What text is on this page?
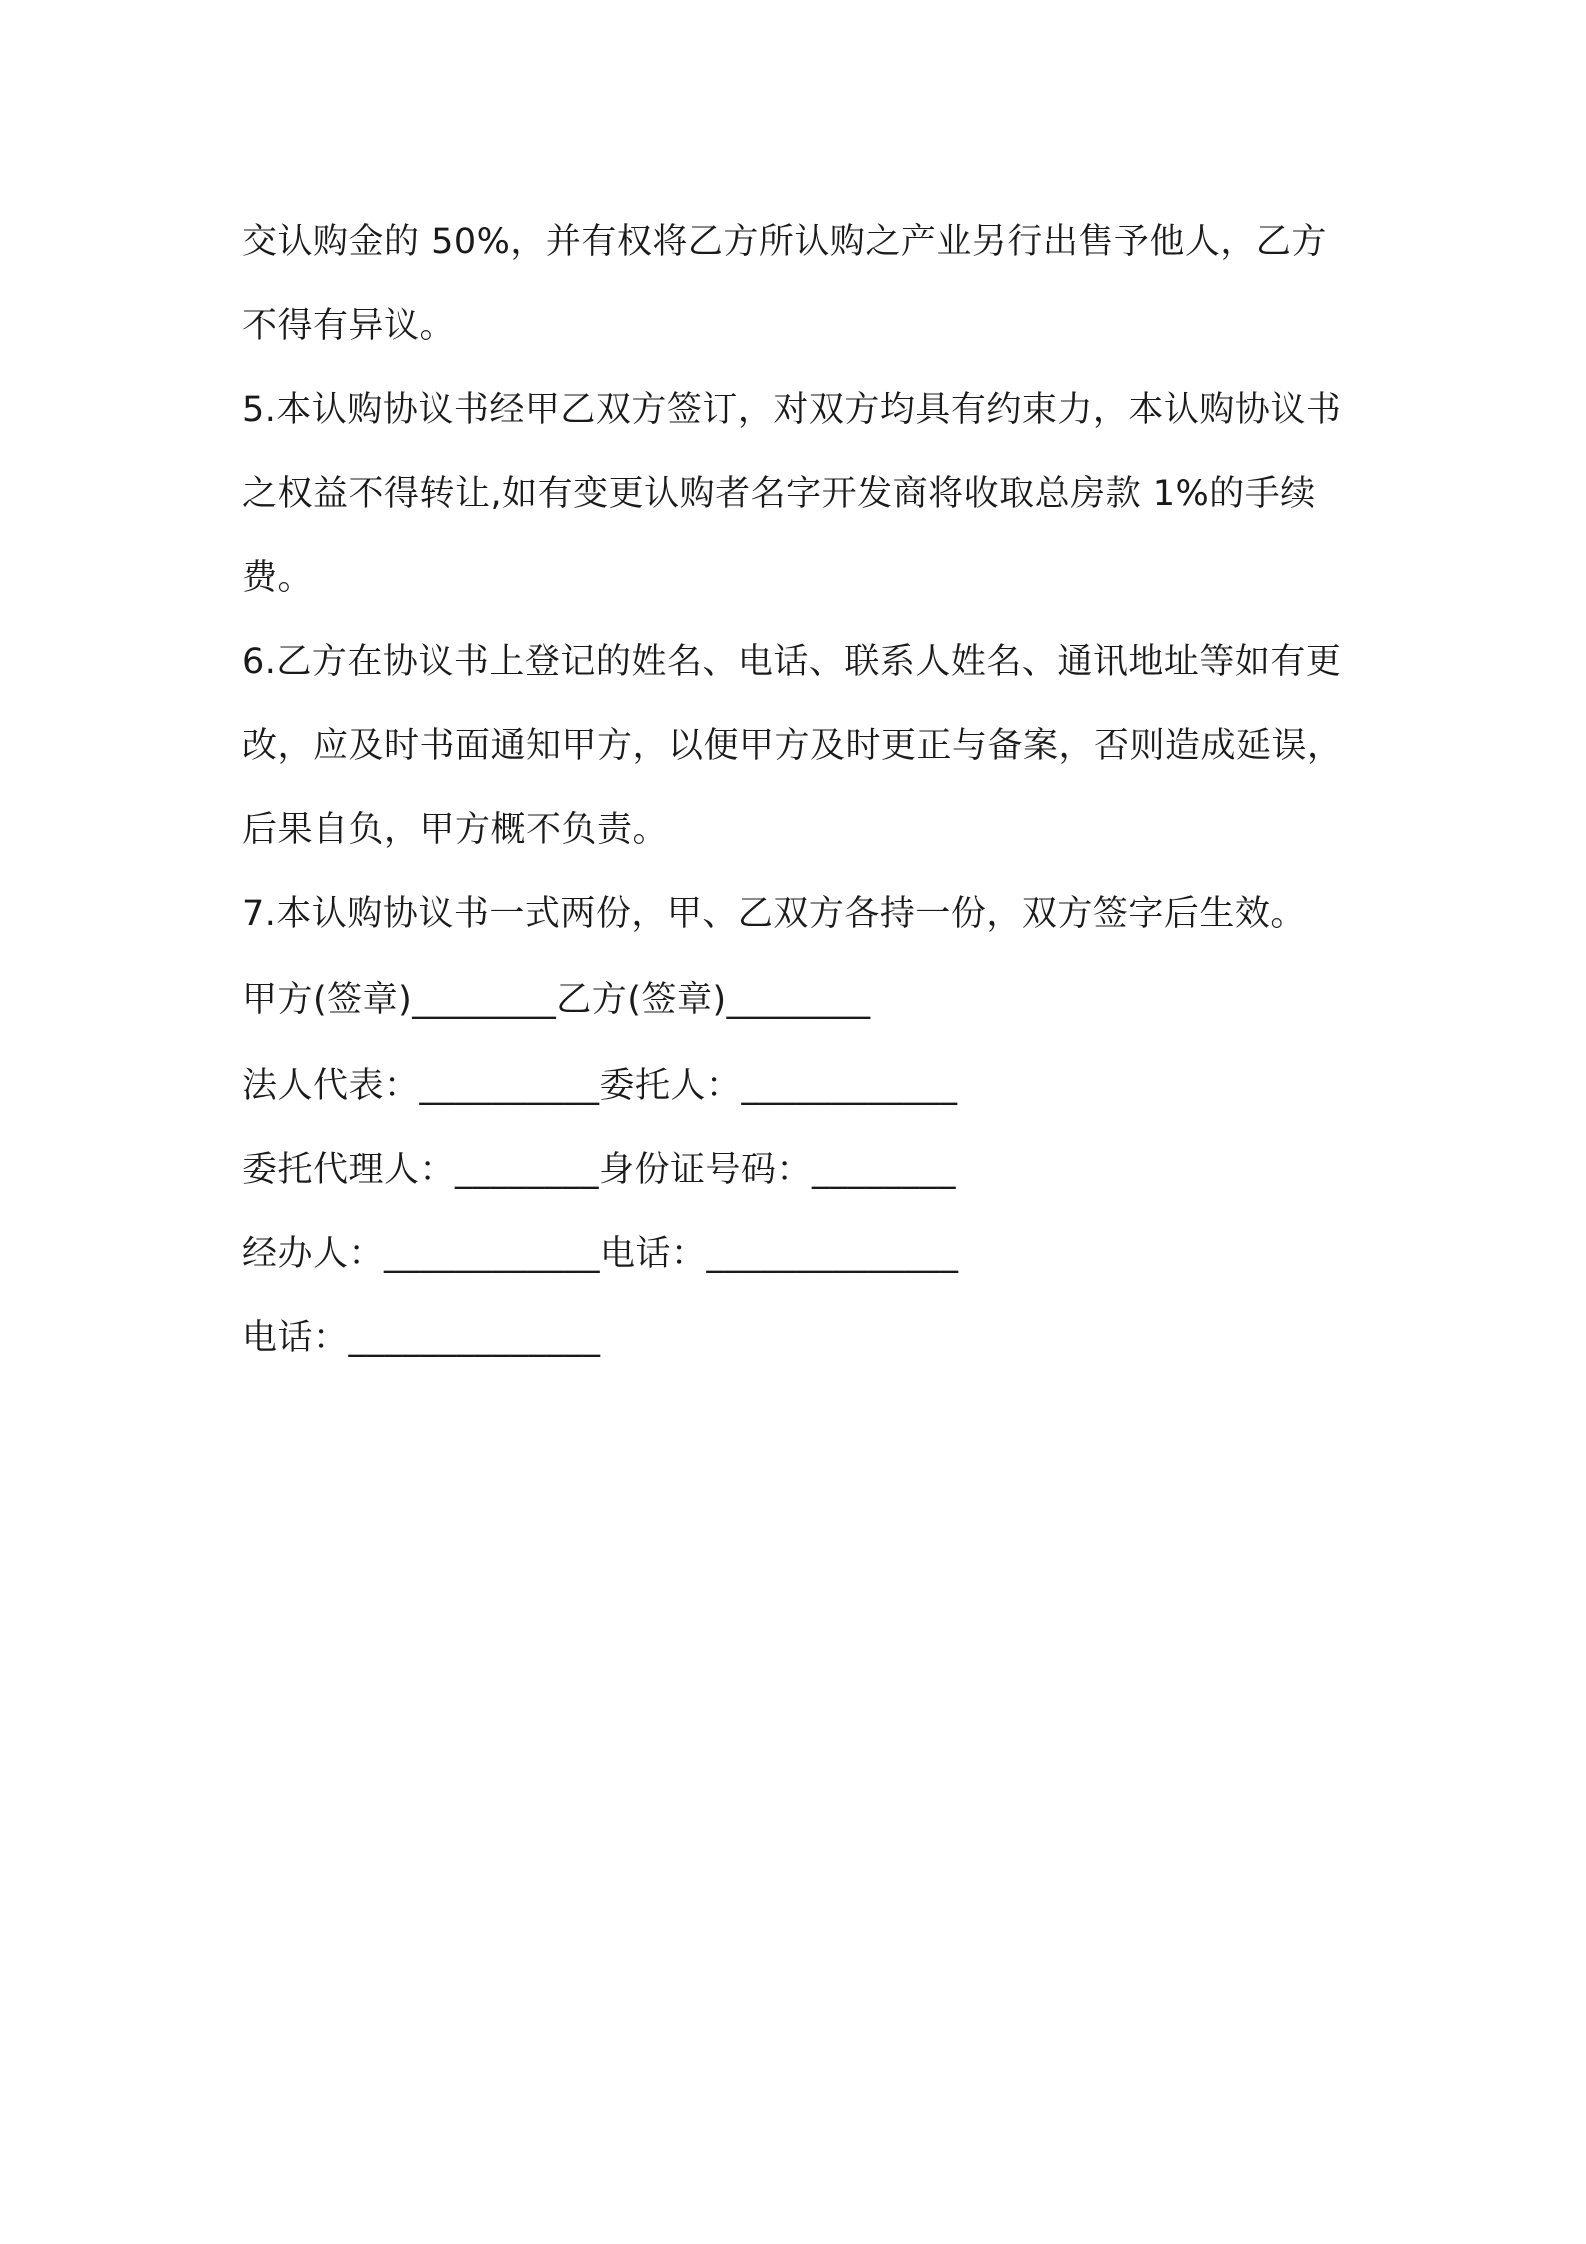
交认购金的 50%，并有权将乙方所认购之产业另行出售予他人，乙方不得有异议。

5.本认购协议书经甲乙双方签订，对双方均具有约束力，本认购协议书之权益不得转让,如有变更认购者名字开发商将收取总房款 1%的手续费。

6.乙方在协议书上登记的姓名、电话、联系人姓名、通讯地址等如有更改，应及时书面通知甲方，以便甲方及时更正与备案，否则造成延误，后果自负，甲方概不负责。

7.本认购协议书一式两份，甲、乙双方各持一份，双方签字后生效。

甲方(签章)________乙方(签章)________

法人代表：__________委托人：____________

委托代理人：________身份证号码：________

经办人：____________电话：______________

电话：______________
